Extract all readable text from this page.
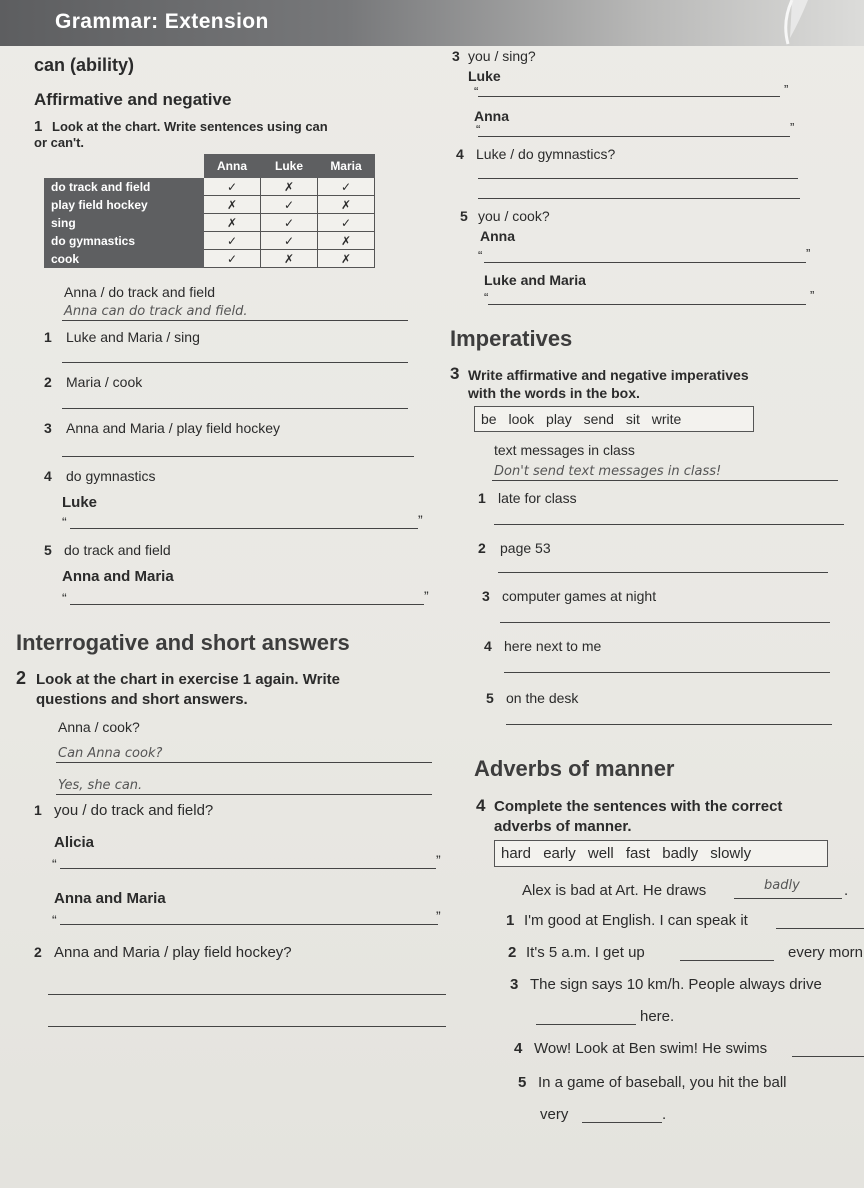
Grammar: Extension
can (ability)
Affirmative and negative
1 Look at the chart. Write sentences using can
or can't.
	Anna	Luke	Maria
do track and field	✓	✗	✓
play field hockey	✗	✓	✗
sing	✗	✓	✓
do gymnastics	✓	✓	✗
cook	✓	✗	✗
Anna / do track and field
Anna can do track and field.
1 Luke and Maria / sing
2 Maria / cook
3 Anna and Maria / play field hockey
4 do gymnastics
Luke
“	”
5 do track and field
Anna and Maria
“	”
Interrogative and short answers
2 Look at the chart in exercise 1 again. Write
questions and short answers.
Anna / cook?
Can Anna cook?
Yes, she can.
1 you / do track and field?
Alicia
“	”
Anna and Maria
“	”
2 Anna and Maria / play field hockey?
3 you / sing?
Luke
“	”
Anna
“	”
4 Luke / do gymnastics?
5 you / cook?
Anna
“	”
Luke and Maria
“	”
Imperatives
3 Write affirmative and negative imperatives
with the words in the box.
be look play send sit write
text messages in class
Don't send text messages in class!
1 late for class
2 page 53
3 computer games at night
4 here next to me
5 on the desk
Adverbs of manner
4 Complete the sentences with the correct
adverbs of manner.
hard early well fast badly slowly
Alex is bad at Art. He draws	badly	.
1 I'm good at English. I can speak it
2 It's 5 a.m. I get up	every morn
3 The sign says 10 km/h. People always drive
here.
4 Wow! Look at Ben swim! He swims
5 In a game of baseball, you hit the ball
very	.
